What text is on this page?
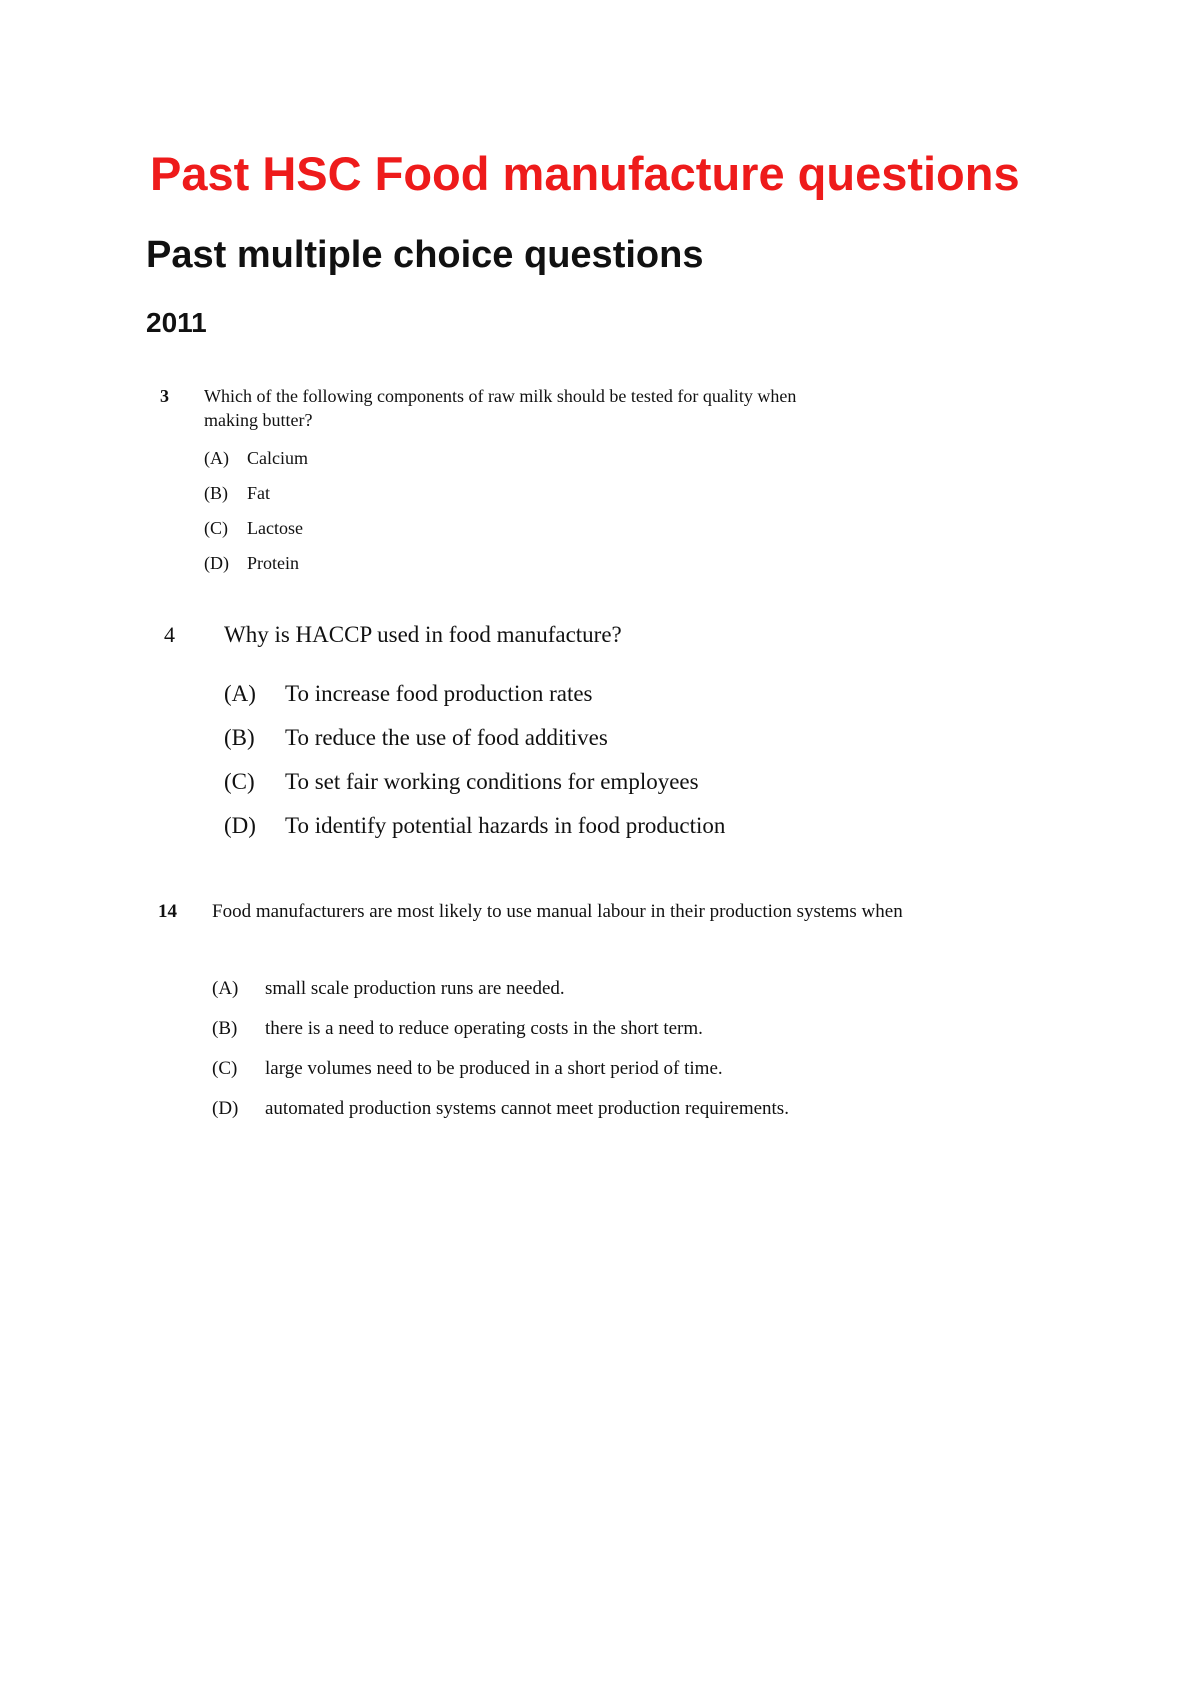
Past HSC Food manufacture questions
Past multiple choice questions
2011
3 Which of the following components of raw milk should be tested for quality when making butter?
(A) Calcium
(B) Fat
(C) Lactose
(D) Protein
4 Why is HACCP used in food manufacture?
(A) To increase food production rates
(B) To reduce the use of food additives
(C) To set fair working conditions for employees
(D) To identify potential hazards in food production
14 Food manufacturers are most likely to use manual labour in their production systems when
(A) small scale production runs are needed.
(B) there is a need to reduce operating costs in the short term.
(C) large volumes need to be produced in a short period of time.
(D) automated production systems cannot meet production requirements.
